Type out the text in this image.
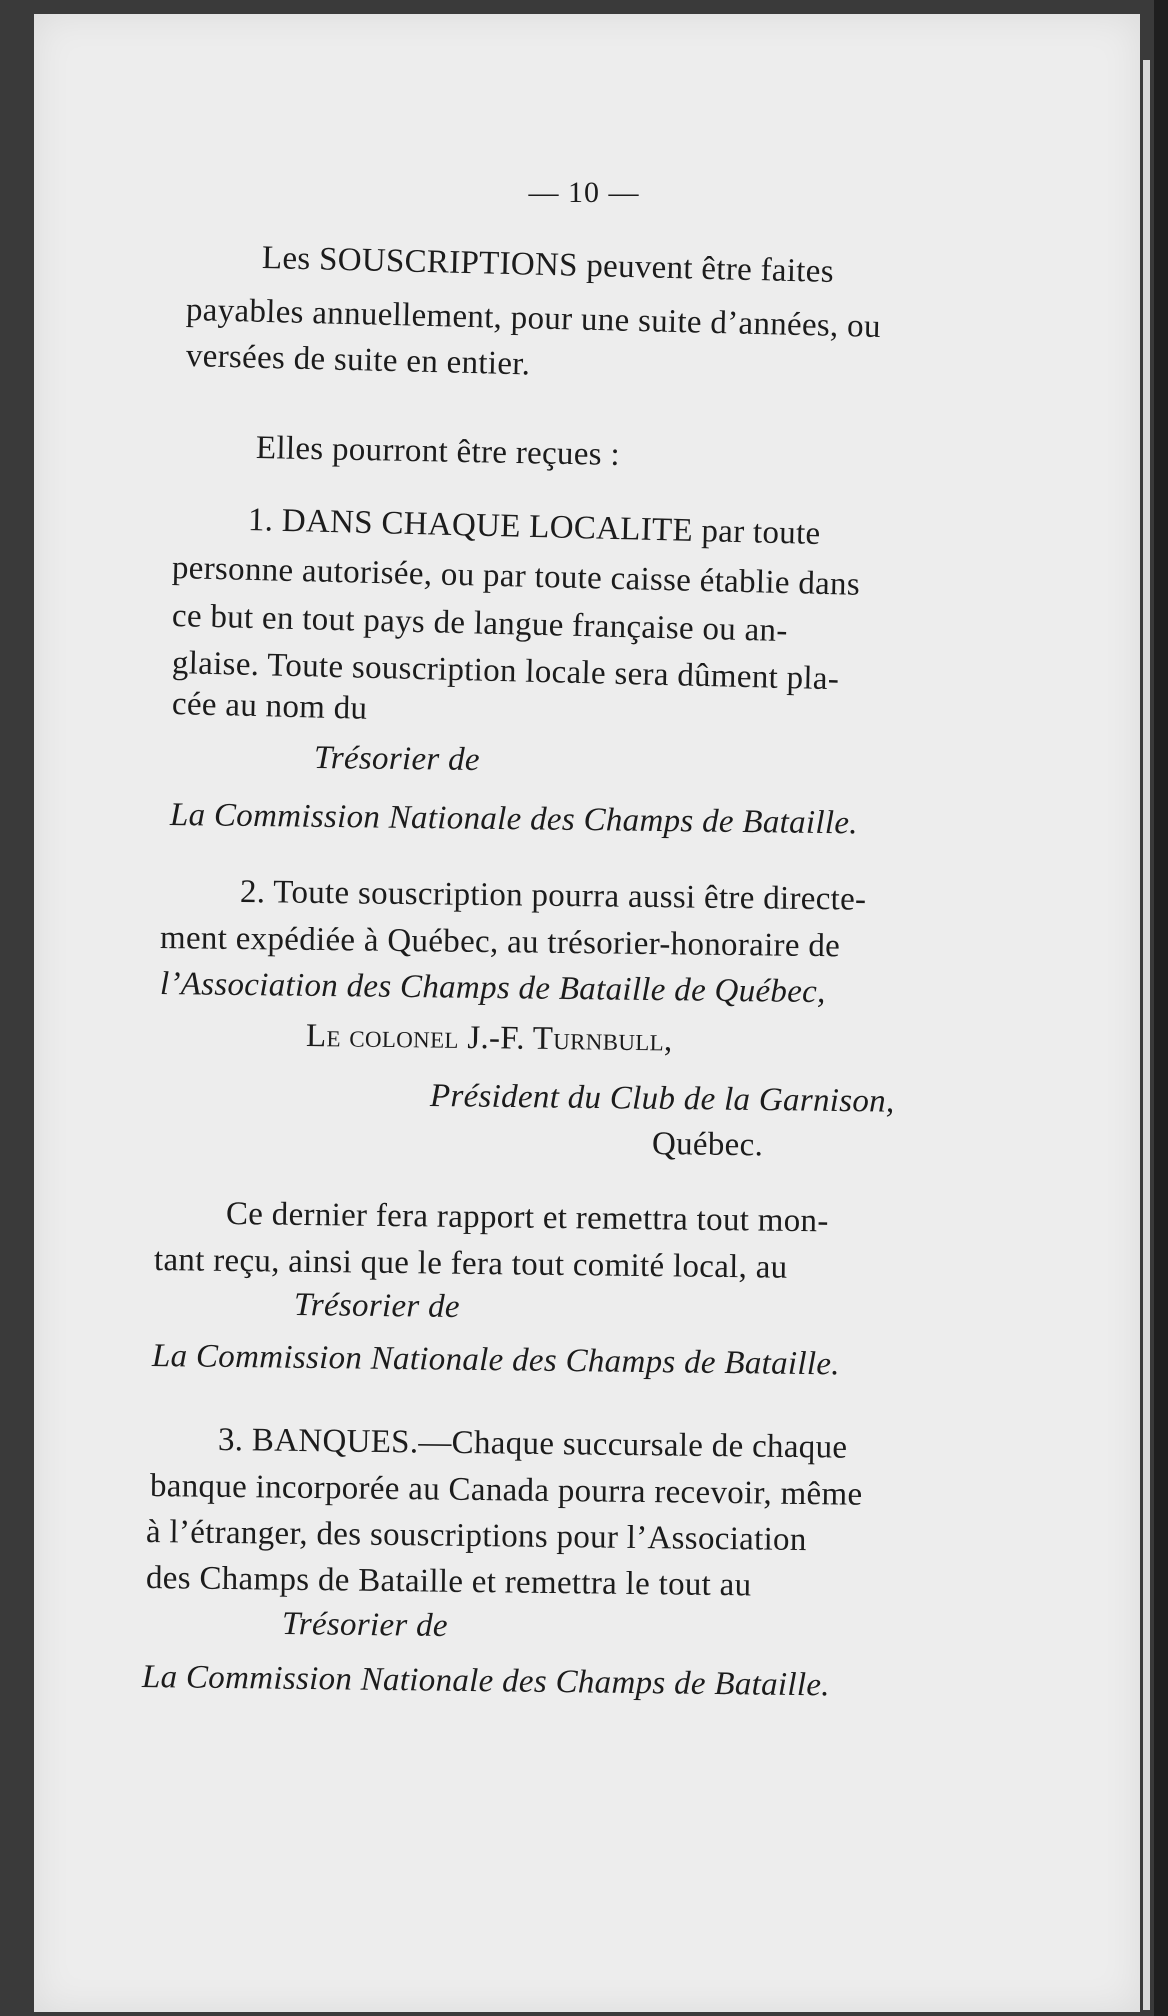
— 10 —
Les SOUSCRIPTIONS peuvent être faites
payables annuellement, pour une suite d’années, ou
versées de suite en entier.
Elles pourront être reçues :
1. DANS CHAQUE LOCALITE par toute
personne autorisée, ou par toute caisse établie dans
ce but en tout pays de langue française ou an-
glaise. Toute souscription locale sera dûment pla-
cée au nom du
Trésorier de
La Commission Nationale des Champs de Bataille.
2. Toute souscription pourra aussi être directe-
ment expédiée à Québec, au trésorier-honoraire de
l’Association des Champs de Bataille de Québec,
Le colonel J.-F. Turnbull,
Président du Club de la Garnison,
Québec.
Ce dernier fera rapport et remettra tout mon-
tant reçu, ainsi que le fera tout comité local, au
Trésorier de
La Commission Nationale des Champs de Bataille.
3. BANQUES.—Chaque succursale de chaque
banque incorporée au Canada pourra recevoir, même
à l’étranger, des souscriptions pour l’Association
des Champs de Bataille et remettra le tout au
Trésorier de
La Commission Nationale des Champs de Bataille.
